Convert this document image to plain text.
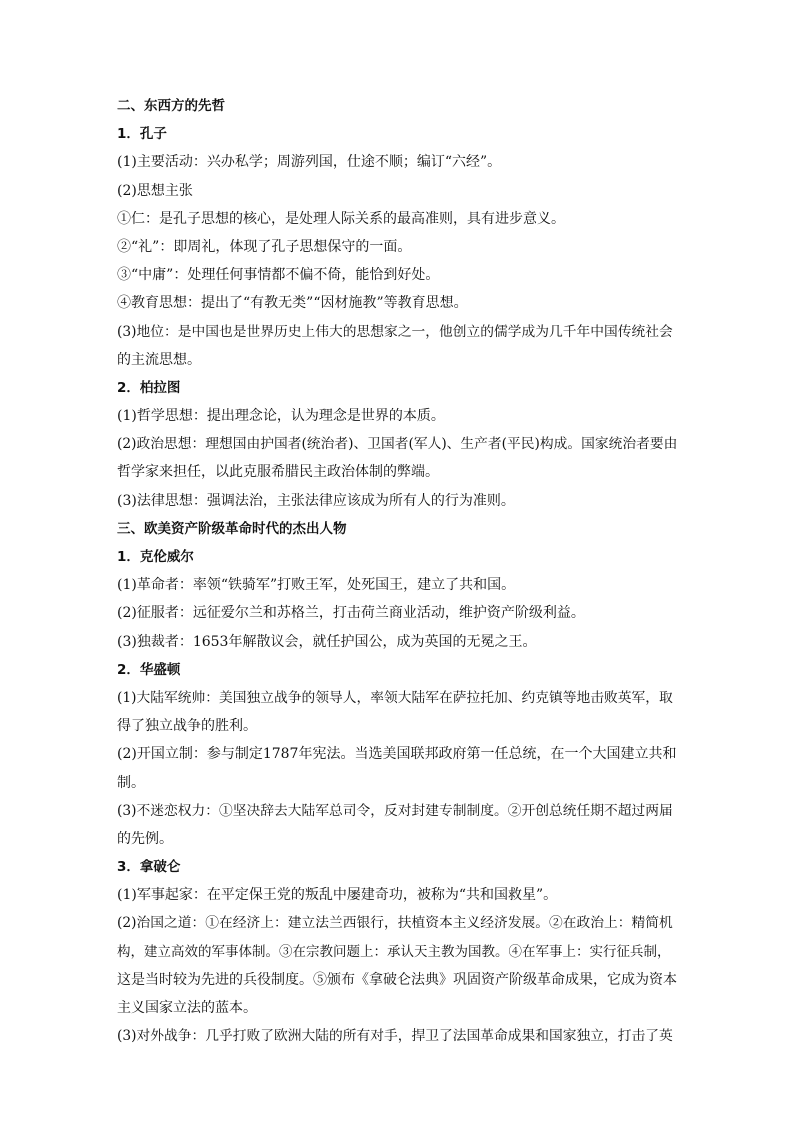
二、东西方的先哲
1．孔子
(1)主要活动：兴办私学；周游列国，仕途不顺；编订“六经”。
(2)思想主张
①仁：是孔子思想的核心，是处理人际关系的最高准则，具有进步意义。
②“礼”：即周礼，体现了孔子思想保守的一面。
③“中庸”：处理任何事情都不偏不倚，能恰到好处。
④教育思想：提出了“有教无类”“因材施教”等教育思想。
(3)地位：是中国也是世界历史上伟大的思想家之一，他创立的儒学成为几千年中国传统社会
的主流思想。
2．柏拉图
(1)哲学思想：提出理念论，认为理念是世界的本质。
(2)政治思想：理想国由护国者(统治者)、卫国者(军人)、生产者(平民)构成。国家统治者要由
哲学家来担任，以此克服希腊民主政治体制的弊端。
(3)法律思想：强调法治，主张法律应该成为所有人的行为准则。
三、欧美资产阶级革命时代的杰出人物
1．克伦威尔
(1)革命者：率领“铁骑军”打败王军，处死国王，建立了共和国。
(2)征服者：远征爱尔兰和苏格兰，打击荷兰商业活动，维护资产阶级利益。
(3)独裁者：1653年解散议会，就任护国公，成为英国的无冕之王。
2．华盛顿
(1)大陆军统帅：美国独立战争的领导人，率领大陆军在萨拉托加、约克镇等地击败英军，取
得了独立战争的胜利。
(2)开国立制：参与制定1787年宪法。当选美国联邦政府第一任总统，在一个大国建立共和
制。
(3)不迷恋权力：①坚决辞去大陆军总司令，反对封建专制制度。②开创总统任期不超过两届
的先例。
3．拿破仑
(1)军事起家：在平定保王党的叛乱中屡建奇功，被称为“共和国救星”。
(2)治国之道：①在经济上：建立法兰西银行，扶植资本主义经济发展。②在政治上：精简机
构，建立高效的军事体制。③在宗教问题上：承认天主教为国教。④在军事上：实行征兵制，
这是当时较为先进的兵役制度。⑤颁布《拿破仑法典》巩固资产阶级革命成果，它成为资本
主义国家立法的蓝本。
(3)对外战争：几乎打败了欧洲大陆的所有对手，捍卫了法国革命成果和国家独立，打击了英
